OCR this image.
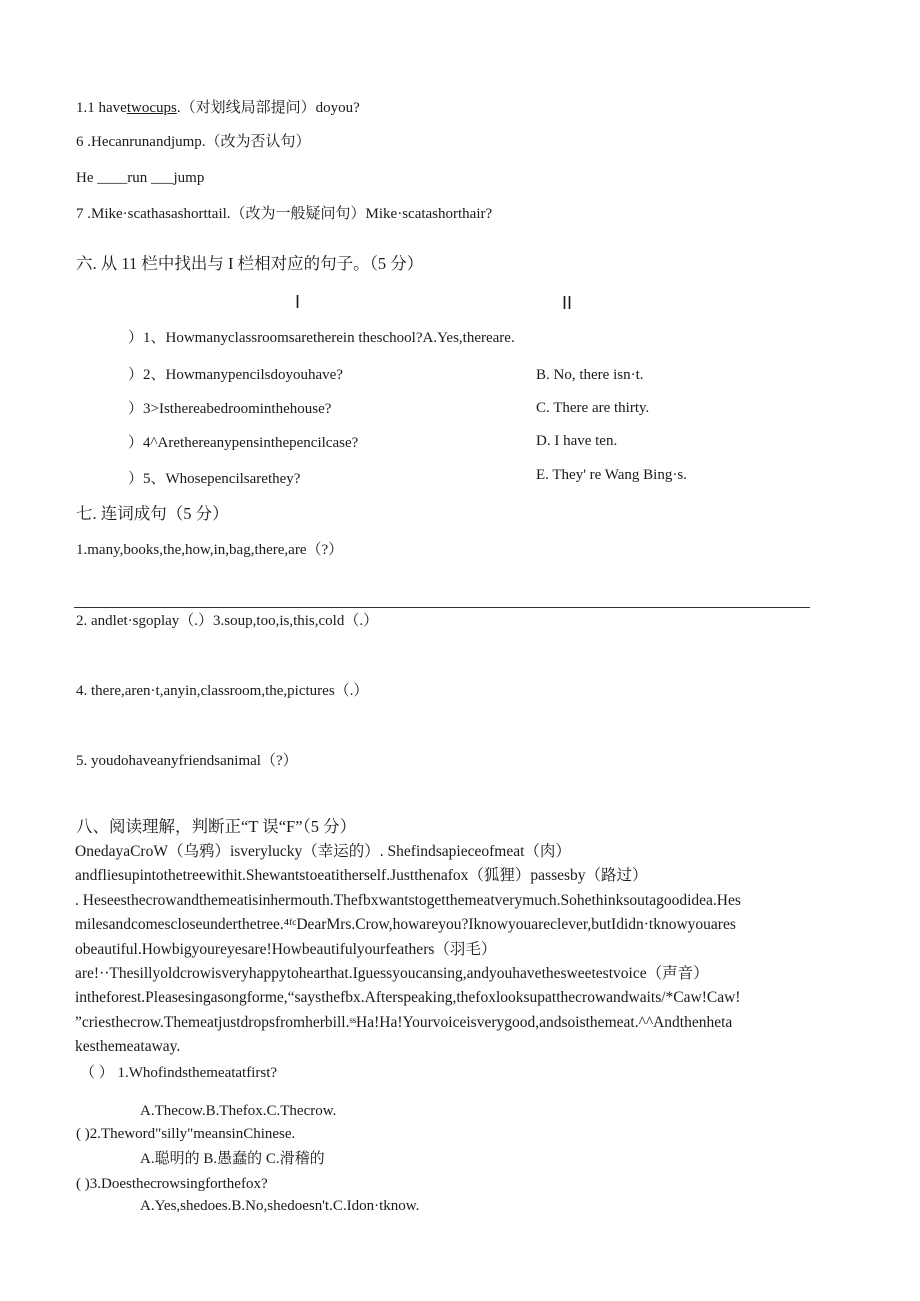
1.1 havetwocups.（对划线局部提问）doyou?
6 .Hecanrunandjump.（改为否认句）
He ____run ___jump
7 .Mike·scathasashorttail.（改为一般疑问句）Mike·scatashorthair?
六. 从 11 栏中找出与 I 栏相对应的句子。（5 分）
I	II
）1、Howmanyclassroomsaretherein theschool?A.Yes,thereare.
）2、Howmanypencilsdoyouhave?
）3>Isthereabedroominthehouse?
）4^Arethereanypensinthepencilcase?
）5、Whosepencilsarethey?
B. No, there isn·t.
C. There are thirty.
D. I have ten.
E. They' re Wang Bing·s.
七. 连词成句（5 分）
1.many,books,the,how,in,bag,there,are（?）
2. andlet·sgoplay（.）3.soup,too,is,this,cold（.）
4. there,aren·t,anyin,classroom,the,pictures（.）
5. youdohaveanyfriendsanimal（?）
八、阅读理解，判断正“T 误“F”（5 分）
OnedayaCroW（乌鸦）isverylucky（幸运的）. Shefindsapieceofmeat（肉）
andfliesupintothetreewithit.Shewantstoeatitherself.Justthenafox（狐狸）passesby（路过）
. Heseesthecrowandthemeatisinhermouth.Thefbxwantstogetthemeatverymuch.Sohethinksoutagoodidea.Hes
milesandcomescloseunderthetree.⁴ᶠᶜDearMrs.Crow,howareyou?Iknowyouareclever,butIdidn·tknowyouares
obeautiful.Howbigyoureyesare!Howbeautifulyourfeathers（羽毛）
are!··Thesillyoldcrowisveryhappytohearthat.Iguessyoucansing,andyouhavethesweetestvoice（声音）
intheforest.Pleasesingasongforme,“saysthefbx.Afterspeaking,thefoxlooksupatthecrowandwaits/*Caw!Caw!
”criesthecrow.Themeatjustdropsfromherbill.ˢˢHa!Ha!Yourvoiceisverygood,andsoisthemeat.^^Andthenheta
kesthemeataway.
（ ） 1.Whofindsthemeatatfirst?
A.Thecow.B.Thefox.C.Thecrow.
( )2.Theword"silly"meansinChinese.
A.聪明的 B.愚蠢的 C.滑稽的
( )3.Doesthecrowsingforthefox?
A.Yes,shedoes.B.No,shedoesn't.C.Idon·tknow.
